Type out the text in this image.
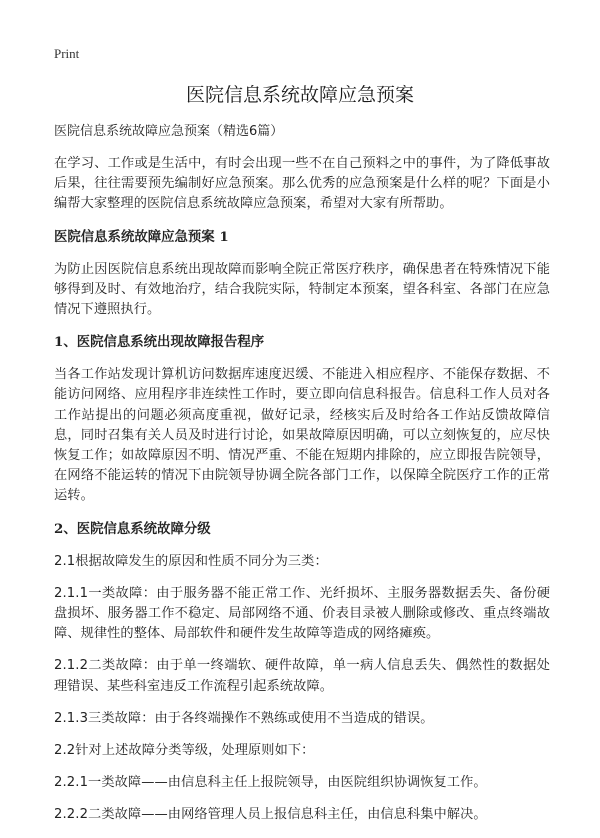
Print
医院信息系统故障应急预案
医院信息系统故障应急预案（精选6篇）

在学习、工作或是生活中，有时会出现一些不在自己预料之中的事件，为了降低事故后果，往往需要预先编制好应急预案。那么优秀的应急预案是什么样的呢？下面是小编帮大家整理的医院信息系统故障应急预案，希望对大家有所帮助。

医院信息系统故障应急预案 1

为防止因医院信息系统出现故障而影响全院正常医疗秩序，确保患者在特殊情况下能够得到及时、有效地治疗，结合我院实际，特制定本预案，望各科室、各部门在应急情况下遵照执行。

1、医院信息系统出现故障报告程序

当各工作站发现计算机访问数据库速度迟缓、不能进入相应程序、不能保存数据、不能访问网络、应用程序非连续性工作时，要立即向信息科报告。信息科工作人员对各工作站提出的问题必须高度重视，做好记录，经核实后及时给各工作站反馈故障信息，同时召集有关人员及时进行讨论，如果故障原因明确，可以立刻恢复的，应尽快恢复工作；如故障原因不明、情况严重、不能在短期内排除的，应立即报告院领导，在网络不能运转的情况下由院领导协调全院各部门工作，以保障全院医疗工作的正常运转。

2、医院信息系统故障分级

2.1根据故障发生的原因和性质不同分为三类：

2.1.1一类故障：由于服务器不能正常工作、光纤损坏、主服务器数据丢失、备份硬盘损坏、服务器工作不稳定、局部网络不通、价表目录被人删除或修改、重点终端故障、规律性的整体、局部软件和硬件发生故障等造成的网络瘫痪。

2.1.2二类故障：由于单一终端软、硬件故障，单一病人信息丢失、偶然性的数据处理错误、某些科室违反工作流程引起系统故障。

2.1.3三类故障：由于各终端操作不熟练或使用不当造成的错误。

2.2针对上述故障分类等级，处理原则如下：

2.2.1一类故障——由信息科主任上报院领导，由医院组织协调恢复工作。

2.2.2二类故障——由网络管理人员上报信息科主任，由信息科集中解决。
